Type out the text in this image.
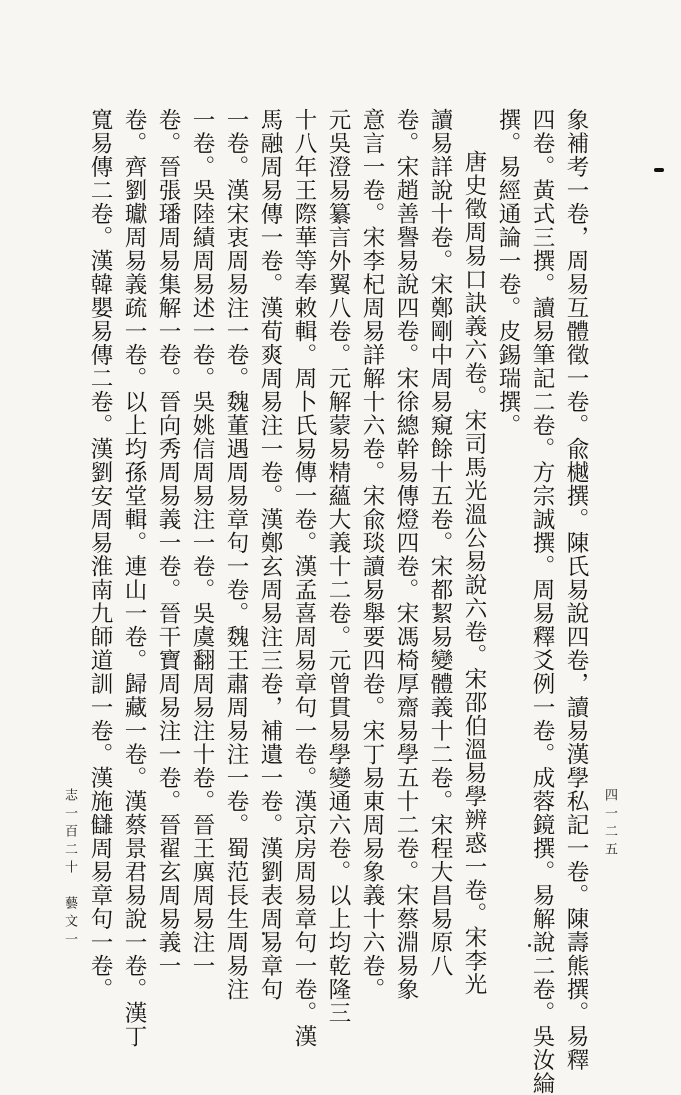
象補考一卷，周易互體徵一卷。兪樾撰。陳氏易說四卷，讀易漢學私記一卷。陳壽熊撰。易釋
四卷。黃式三撰。讀易筆記二卷。方宗誠撰。周易釋爻例一卷。成蓉鏡撰。易解說二卷。吳汝綸
撰。易經通論一卷。皮錫瑞撰。
唐史徵周易口訣義六卷。宋司馬光溫公易說六卷。宋邵伯溫易學辨惑一卷。宋李光
讀易詳說十卷。宋鄭剛中周易窺餘十五卷。宋都絜易變體義十二卷。宋程大昌易原八
卷。宋趙善譽易說四卷。宋徐總幹易傳燈四卷。宋馮椅厚齋易學五十二卷。宋蔡淵易象
意言一卷。宋李杞周易詳解十六卷。宋兪琰讀易舉要四卷。宋丁易東周易象義十六卷。
元吳澄易纂言外翼八卷。元解蒙易精蘊大義十二卷。元曾貫易學變通六卷。以上均乾隆三
十八年王際華等奉敕輯。周卜氏易傳一卷。漢孟喜周易章句一卷。漢京房周易章句一卷。漢
馬融周易傳一卷。漢荀爽周易注一卷。漢鄭玄周易注三卷，補遺一卷。漢劉表周易章句
一卷。漢宋衷周易注一卷。魏董遇周易章句一卷。魏王肅周易注一卷。蜀范長生周易注
一卷。吳陸績周易述一卷。吳姚信周易注一卷。吳虞翻周易注十卷。晉王廙周易注一
卷。晉張璠周易集解一卷。晉向秀周易義一卷。晉干寶周易注一卷。晉翟玄周易義一
卷。齊劉瓛周易義疏一卷。以上均孫堂輯。連山一卷。歸藏一卷。漢蔡景君易說一卷。漢丁
寬易傳二卷。漢韓嬰易傳二卷。漢劉安周易淮南九師道訓一卷。漢施讎周易章句一卷。
志一百二十　藝文一	四一二五
